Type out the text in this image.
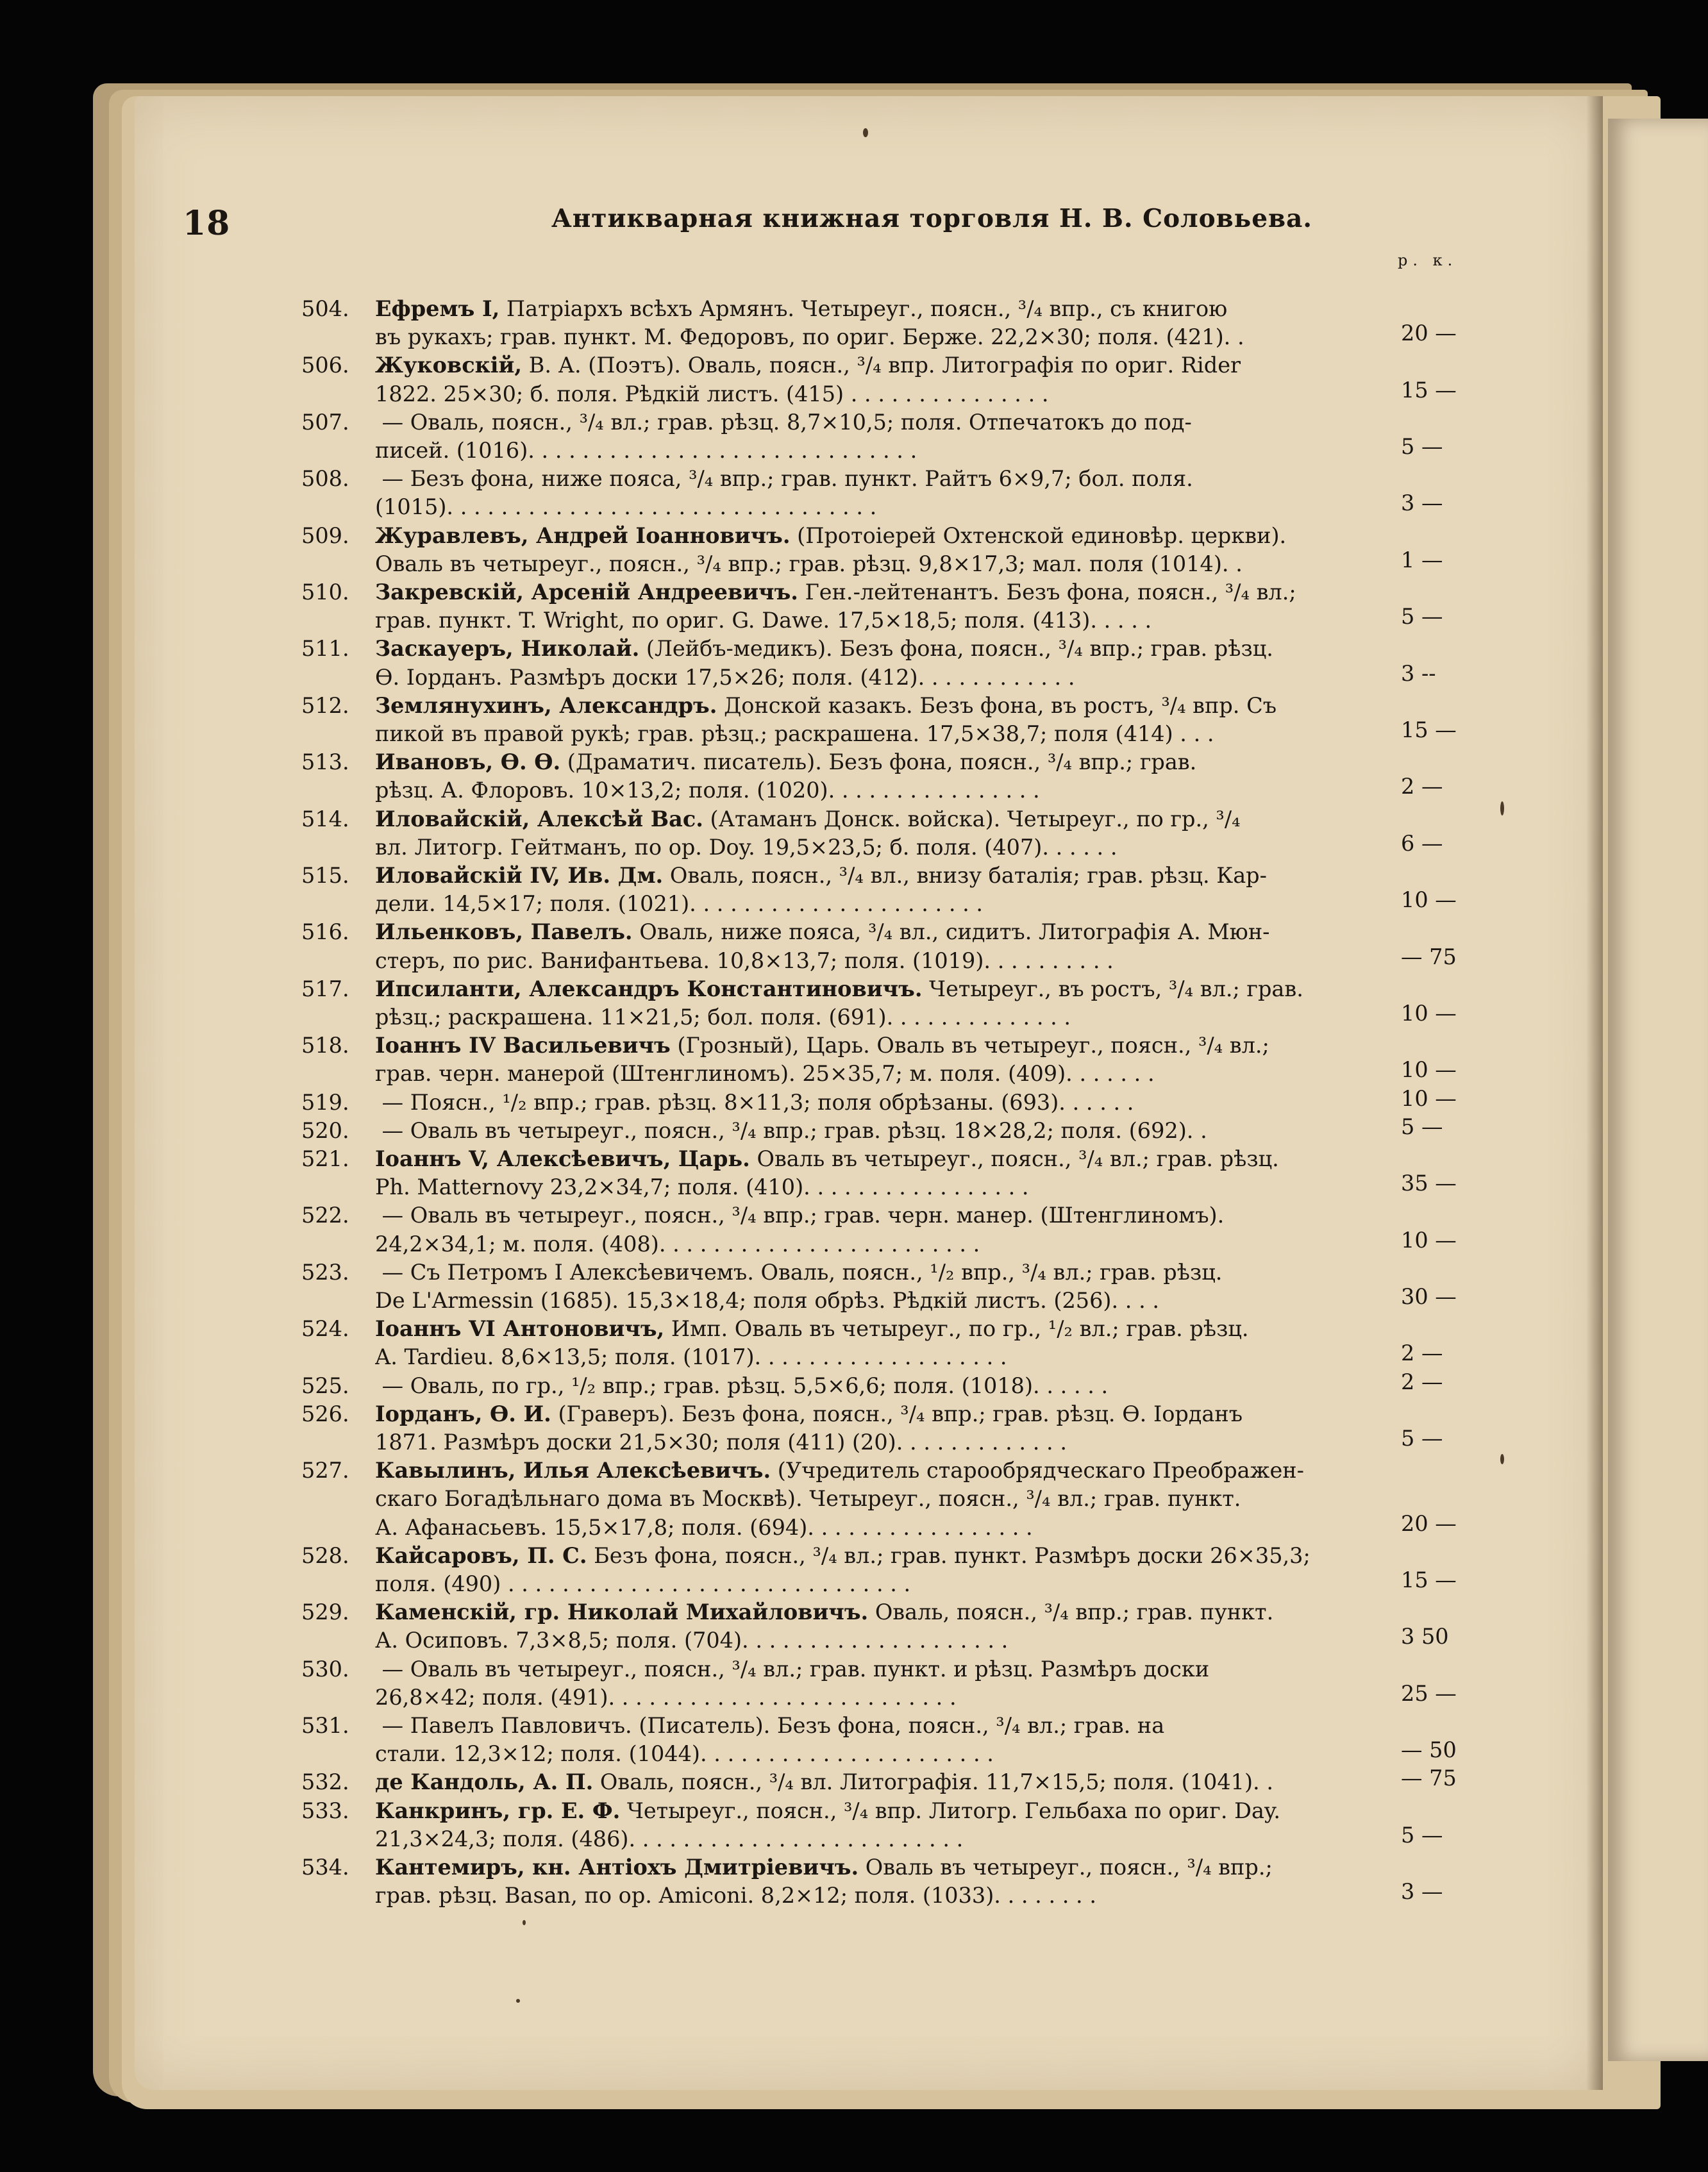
18	Антикварная книжная торговля Н. В. Соловьева.
р. к.
504. Ефремъ I, Патріархъ всѣхъ Армянъ. Четыреуг., поясн., ³/₄ впр., съ книгою
въ рукахъ; грав. пункт. М. Федоровъ, по ориг. Берже. 22,2×30; поля. (421). .
506. Жуковскій, В. А. (Поэтъ). Оваль, поясн., ³/₄ впр. Литографія по ориг. Rider
1822. 25×30; б. поля. Рѣдкій листъ. (415) . . . . . . . . . . . . . . .
507. — Оваль, поясн., ³/₄ вл.; грав. рѣзц. 8,7×10,5; поля. Отпечатокъ до под-
писей. (1016). . . . . . . . . . . . . . . . . . . . . . . . . . . . .
508. — Безъ фона, ниже пояса, ³/₄ впр.; грав. пункт. Райтъ 6×9,7; бол. поля.
(1015). . . . . . . . . . . . . . . . . . . . . . . . . . . . . . . .
509. Журавлевъ, Андрей Іоанновичъ. (Протоіерей Охтенской единовѣр. церкви).
Оваль въ четыреуг., поясн., ³/₄ впр.; грав. рѣзц. 9,8×17,3; мал. поля (1014). .
510. Закревскій, Арсеній Андреевичъ. Ген.-лейтенантъ. Безъ фона, поясн., ³/₄ вл.;
грав. пункт. T. Wright, по ориг. G. Dawe. 17,5×18,5; поля. (413). . . . .
511. Заскауеръ, Николай. (Лейбъ-медикъ). Безъ фона, поясн., ³/₄ впр.; грав. рѣзц.
Ѳ. Іорданъ. Размѣръ доски 17,5×26; поля. (412). . . . . . . . . . . .
512. Землянухинъ, Александръ. Донской казакъ. Безъ фона, въ ростъ, ³/₄ впр. Съ
пикой въ правой рукѣ; грав. рѣзц.; раскрашена. 17,5×38,7; поля (414) . . .
513. Ивановъ, Ѳ. Ѳ. (Драматич. писатель). Безъ фона, поясн., ³/₄ впр.; грав.
рѣзц. А. Флоровъ. 10×13,2; поля. (1020). . . . . . . . . . . . . . . .
514. Иловайскій, Алексѣй Вас. (Атаманъ Донск. войска). Четыреуг., по гр., ³/₄
вл. Литогр. Гейтманъ, по ор. Doy. 19,5×23,5; б. поля. (407). . . . . .
515. Иловайскій IV, Ив. Дм. Оваль, поясн., ³/₄ вл., внизу баталія; грав. рѣзц. Кар-
дели. 14,5×17; поля. (1021). . . . . . . . . . . . . . . . . . . . . .
516. Ильенковъ, Павелъ. Оваль, ниже пояса, ³/₄ вл., сидитъ. Литографія А. Мюн-
стеръ, по рис. Ванифантьева. 10,8×13,7; поля. (1019). . . . . . . . . .
517. Ипсиланти, Александръ Константиновичъ. Четыреуг., въ ростъ, ³/₄ вл.; грав.
рѣзц.; раскрашена. 11×21,5; бол. поля. (691). . . . . . . . . . . . . .
518. Іоаннъ IV Васильевичъ (Грозный), Царь. Оваль въ четыреуг., поясн., ³/₄ вл.;
грав. черн. манерой (Штенглиномъ). 25×35,7; м. поля. (409). . . . . . .
519. — Поясн., ¹/₂ впр.; грав. рѣзц. 8×11,3; поля обрѣзаны. (693). . . . . .
520. — Оваль въ четыреуг., поясн., ³/₄ впр.; грав. рѣзц. 18×28,2; поля. (692). .
521. Іоаннъ V, Алексѣевичъ, Царь. Оваль въ четыреуг., поясн., ³/₄ вл.; грав. рѣзц.
Ph. Matternovy 23,2×34,7; поля. (410). . . . . . . . . . . . . . . . .
522. — Оваль въ четыреуг., поясн., ³/₄ впр.; грав. черн. манер. (Штенглиномъ).
24,2×34,1; м. поля. (408). . . . . . . . . . . . . . . . . . . . . . . .
523. — Съ Петромъ I Алексѣевичемъ. Оваль, поясн., ¹/₂ впр., ³/₄ вл.; грав. рѣзц.
De L'Armessin (1685). 15,3×18,4; поля обрѣз. Рѣдкій листъ. (256). . . .
524. Іоаннъ VI Антоновичъ, Имп. Оваль въ четыреуг., по гр., ¹/₂ вл.; грав. рѣзц.
A. Tardieu. 8,6×13,5; поля. (1017). . . . . . . . . . . . . . . . . . .
525. — Оваль, по гр., ¹/₂ впр.; грав. рѣзц. 5,5×6,6; поля. (1018). . . . . .
526. Іорданъ, Ѳ. И. (Граверъ). Безъ фона, поясн., ³/₄ впр.; грав. рѣзц. Ѳ. Іорданъ
1871. Размѣръ доски 21,5×30; поля (411) (20). . . . . . . . . . . . .
527. Кавылинъ, Илья Алексѣевичъ. (Учредитель старообрядческаго Преображен-
скаго Богадѣльнаго дома въ Москвѣ). Четыреуг., поясн., ³/₄ вл.; грав. пункт.
А. Афанасьевъ. 15,5×17,8; поля. (694). . . . . . . . . . . . . . . . .
528. Кайсаровъ, П. С. Безъ фона, поясн., ³/₄ вл.; грав. пункт. Размѣръ доски 26×35,3;
поля. (490) . . . . . . . . . . . . . . . . . . . . . . . . . . . . . .
529. Каменскій, гр. Николай Михайловичъ. Оваль, поясн., ³/₄ впр.; грав. пункт.
А. Осиповъ. 7,3×8,5; поля. (704). . . . . . . . . . . . . . . . . . . .
530. — Оваль въ четыреуг., поясн., ³/₄ вл.; грав. пункт. и рѣзц. Размѣръ доски
26,8×42; поля. (491). . . . . . . . . . . . . . . . . . . . . . . . . .
531. — Павелъ Павловичъ. (Писатель). Безъ фона, поясн., ³/₄ вл.; грав. на
стали. 12,3×12; поля. (1044). . . . . . . . . . . . . . . . . . . . . .
532. де Кандоль, А. П. Оваль, поясн., ³/₄ вл. Литографія. 11,7×15,5; поля. (1041). .
533. Канкринъ, гр. Е. Ф. Четыреуг., поясн., ³/₄ впр. Литогр. Гельбаха по ориг. Day.
21,3×24,3; поля. (486). . . . . . . . . . . . . . . . . . . . . . . . .
534. Кантемиръ, кн. Антіохъ Дмитріевичъ. Оваль въ четыреуг., поясн., ³/₄ впр.;
грав. рѣзц. Basan, по ор. Amiconi. 8,2×12; поля. (1033). . . . . . . .
20 —
15 —
5 —
3 —
1 —
5 —
3 --
15 —
2 —
6 —
10 —
— 75
10 —
10 —
10 —
5 —
35 —
10 —
30 —
2 —
2 —
5 —
20 —
15 —
3 50
25 —
— 50
— 75
5 —
3 —
